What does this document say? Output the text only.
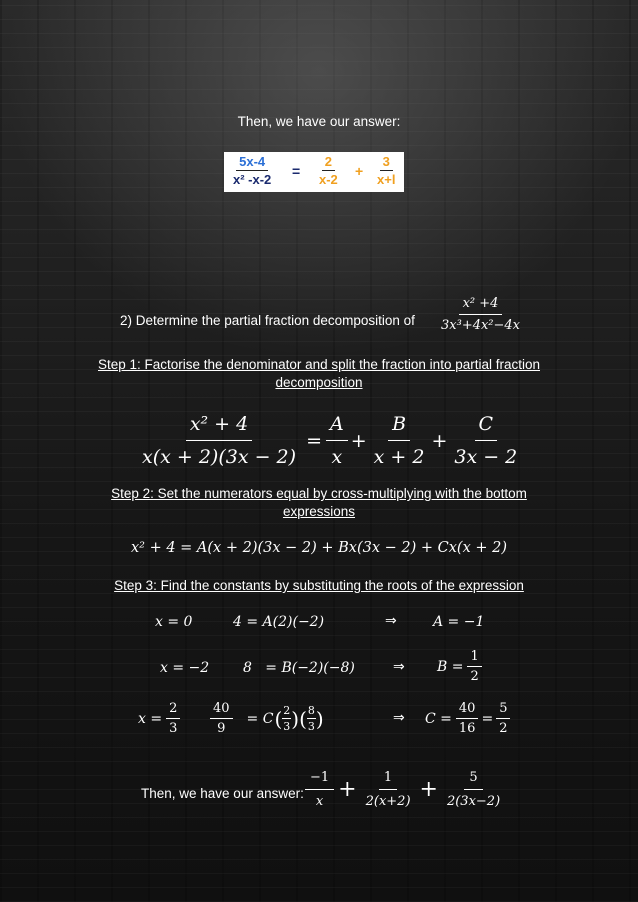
Then, we have our answer:
$\frac{5x-4}{\text{x² -x-2}} = \frac{2}{x-2} + \frac{3}{x+l}$
2) Determine the partial fraction decomposition of $\frac{\text{x² +4}}{\text{3x³+4x²−4x}}$
Step 1: Factorise the denominator and split the fraction into partial fraction
decomposition
$\frac{\text{x² + 4}}{x(x + 2)(3x - 2)} = \frac{A}{x} + \frac{B}{x + 2} + \frac{C}{3x - 2}$
Step 2: Set the numerators equal by cross-multiplying with the bottom
expressions
x² + 4 = A(x + 2)(3x − 2) + Bx(3x − 2) + Cx(x + 2)
Step 3: Find the constants by substituting the roots of the expression
x = 0	4 = A(2)(−2)	⇒	A = −1
x = −2 8   = B(−2)(−8)	⇒ $B = \frac{1}{2}$
$x = \frac{2}{3} \frac{40}{9} = C$ ( $\frac{2}{3}$ )( $\frac{8}{3}$ )	⇒ $C = \frac{40}{16} = \frac{5}{2}$
Then, we have our answer: $\frac{-1}{x} + \frac{1}{2(x+2)} + \frac{5}{2(3x-2)}$
